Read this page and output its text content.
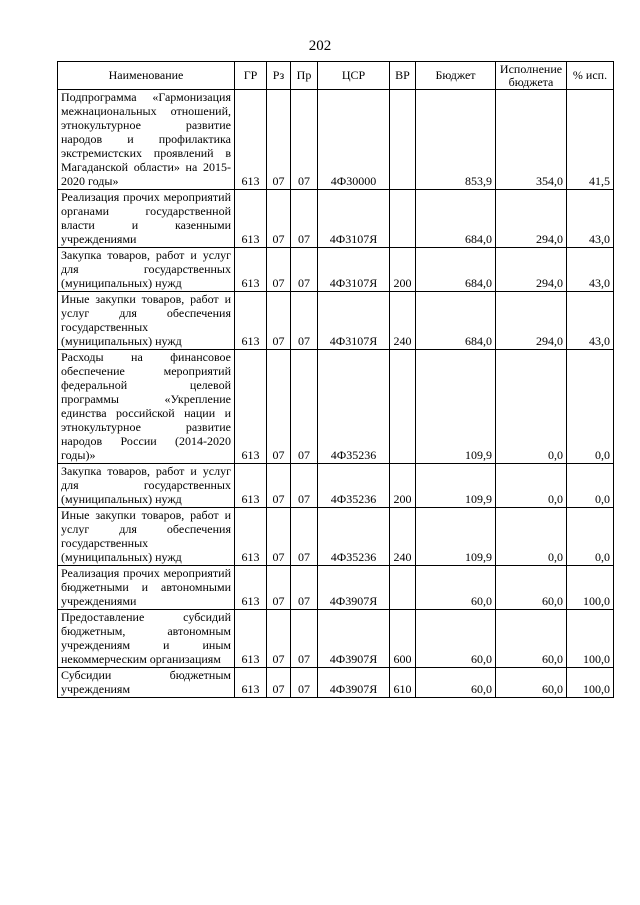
202
Наименование	ГР	Рз	Пр	ЦСР	ВР	Бюджет	Исполнение бюджета	% исп.
Подпрограмма «Гармонизация межнациональных отношений, этнокультурное развитие народов и профилактика экстремистских проявлений в Магаданской области» на 2015-2020 годы»	613	07	07	4Ф30000		853,9	354,0	41,5
Реализация прочих мероприятий органами государственной власти и казенными учреждениями	613	07	07	4Ф3107Я		684,0	294,0	43,0
Закупка товаров, работ и услуг для государственных (муниципальных) нужд	613	07	07	4Ф3107Я	200	684,0	294,0	43,0
Иные закупки товаров, работ и услуг для обеспечения государственных (муниципальных) нужд	613	07	07	4Ф3107Я	240	684,0	294,0	43,0
Расходы на финансовое обеспечение мероприятий федеральной целевой программы «Укрепление единства российской нации и этнокультурное развитие народов России (2014-2020 годы)»	613	07	07	4Ф35236		109,9	0,0	0,0
Закупка товаров, работ и услуг для государственных (муниципальных) нужд	613	07	07	4Ф35236	200	109,9	0,0	0,0
Иные закупки товаров, работ и услуг для обеспечения государственных (муниципальных) нужд	613	07	07	4Ф35236	240	109,9	0,0	0,0
Реализация прочих мероприятий бюджетными и автономными учреждениями	613	07	07	4Ф3907Я		60,0	60,0	100,0
Предоставление субсидий бюджетным, автономным учреждениям и иным некоммерческим организациям	613	07	07	4Ф3907Я	600	60,0	60,0	100,0
Субсидии бюджетным учреждениям	613	07	07	4Ф3907Я	610	60,0	60,0	100,0
